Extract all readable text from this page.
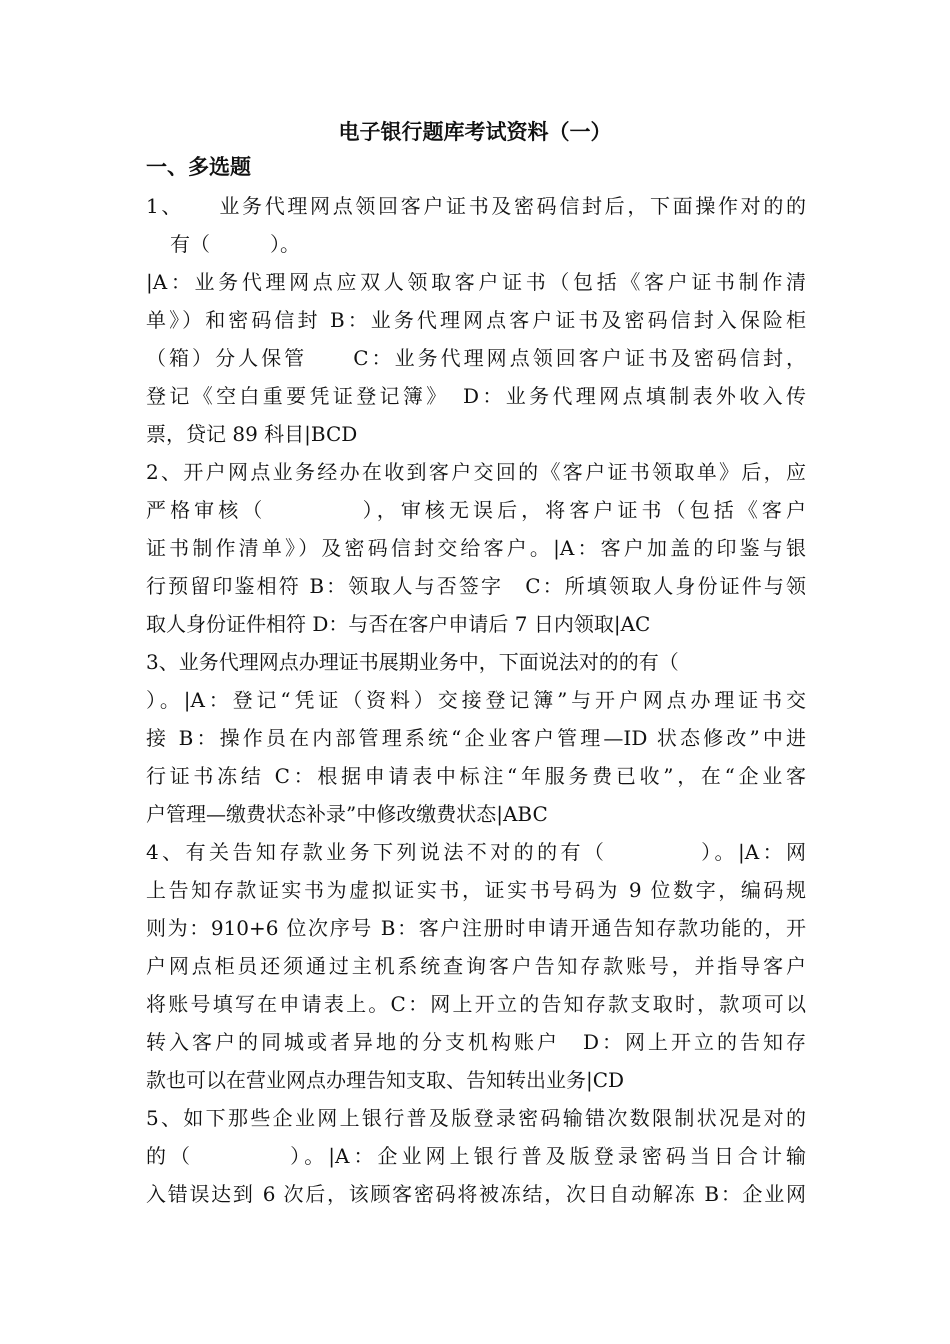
电子银行题库考试资料（一）
一、多选题
1、　　业务代理网点领回客户证书及密码信封后，下面操作对的的
有（　　　）。
|A：业务代理网点应双人领取客户证书（包括《客户证书制作清
单》）和密码信封 B：业务代理网点客户证书及密码信封入保险柜
（箱）分人保管　　C：业务代理网点领回客户证书及密码信封，
登记《空白重要凭证登记簿》　D：业务代理网点填制表外收入传
票，贷记 89 科目|BCD
2、开户网点业务经办在收到客户交回的《客户证书领取单》后，应
严格审核（　　　　），审核无误后，将客户证书（包括《客户
证书制作清单》）及密码信封交给客户。|A：客户加盖的印鉴与银
行预留印鉴相符 B：领取人与否签字　C：所填领取人身份证件与领
取人身份证件相符 D：与否在客户申请后 7 日内领取|AC
3、业务代理网点办理证书展期业务中，下面说法对的的有（
）。|A：登记“凭证（资料）交接登记簿”与开户网点办理证书交
接 B：操作员在内部管理系统“企业客户管理—ID 状态修改”中进
行证书冻结 C：根据申请表中标注“年服务费已收”，在“企业客
户管理—缴费状态补录”中修改缴费状态|ABC
4、有关告知存款业务下列说法不对的的有（　　　　）。|A：网
上告知存款证实书为虚拟证实书，证实书号码为 9 位数字，编码规
则为：910+6 位次序号 B：客户注册时申请开通告知存款功能的，开
户网点柜员还须通过主机系统查询客户告知存款账号，并指导客户
将账号填写在申请表上。C：网上开立的告知存款支取时，款项可以
转入客户的同城或者异地的分支机构账户　D：网上开立的告知存
款也可以在营业网点办理告知支取、告知转出业务|CD
5、如下那些企业网上银行普及版登录密码输错次数限制状况是对的
的（　　　　）。|A：企业网上银行普及版登录密码当日合计输
入错误达到 6 次后，该顾客密码将被冻结，次日自动解冻 B：企业网
